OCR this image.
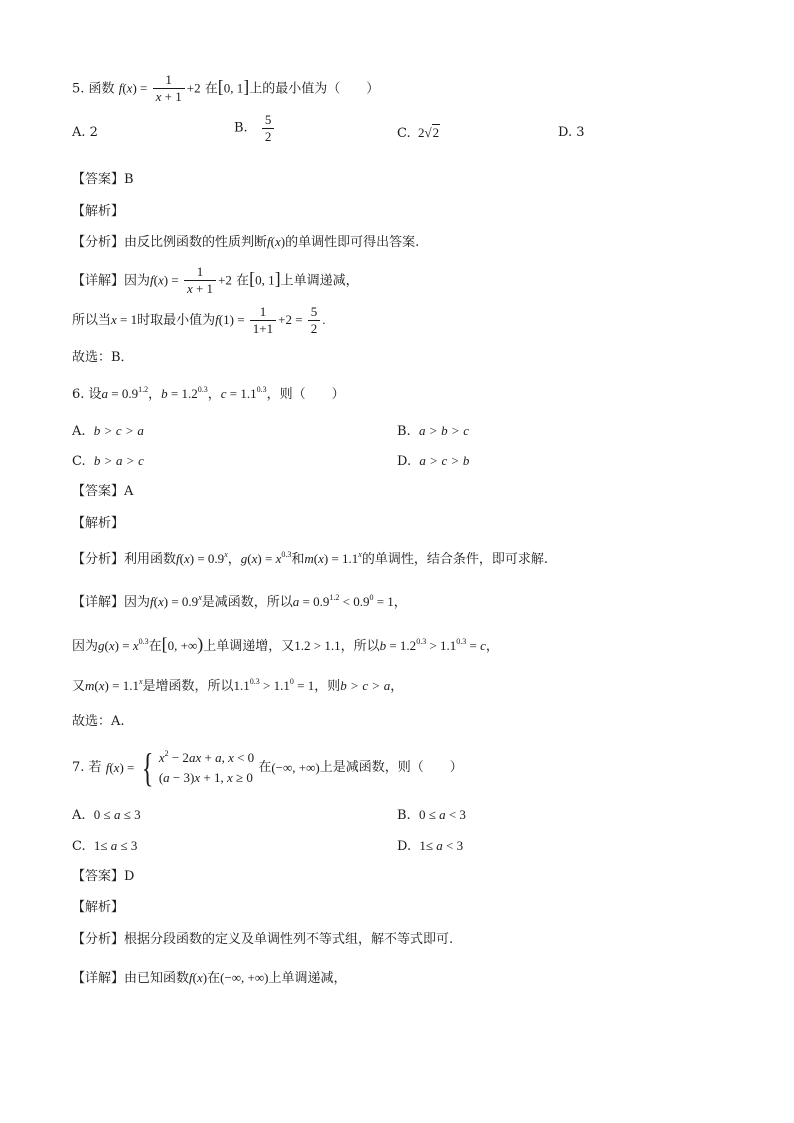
5. 函数 $f(x) = \frac{1}{x + 1} +2$ 在[0, 1]上的最小值为（　　）
A. 2	B. $\frac{5}{2}$	C.  2√2	D. 3
【答案】B
【解析】
【分析】由反比例函数的性质判断f(x)的单调性即可得出答案.
【详解】因为$f(x) = \frac{1}{x + 1} +2$ 在[0, 1]上单调递减，
所以当x = 1时取最小值为$f(1) = \frac{1}{1+1} +2 = \frac{5}{2}$ .
故选：B．
6. 设$a = 0.9^{1.2}$，$b = 1.2^{0.3}$，$c = 1.1^{0.3}$，则（　　）
A. b > c > a	B. a > b > c
C. b > a > c	D. a > c > b
【答案】A
【解析】
【分析】利用函数$f(x) = 0.9^x$，$g(x) = x^{0.3}$和$m(x) = 1.1^x$的单调性，结合条件，即可求解.
【详解】因为$f(x) = 0.9^x$是减函数，所以$a = 0.9^{1.2} < 0.9^0 = 1$，
因为$g(x) = x^{0.3}$在[0, +∞)上单调递增，又1.2 > 1.1，所以$b = 1.2^{0.3} > 1.1^{0.3} = c$，
又$m(x) = 1.1^x$是增函数，所以$1.1^{0.3} > 1.1^0 = 1$，则b > c > a，
故选：A.
7. 若 f(x) = { $x^2 - 2ax + a$, x < 0
(a − 3)x + 1, x ≥ 0
在(−∞, +∞)上是减函数，则（　　）
A. 0 ≤ a ≤ 3	B. 0 ≤ a < 3
C. 1≤ a ≤ 3	D. 1≤ a < 3
【答案】D
【解析】
【分析】根据分段函数的定义及单调性列不等式组，解不等式即可.
【详解】由已知函数f(x)在(−∞, +∞)上单调递减，
